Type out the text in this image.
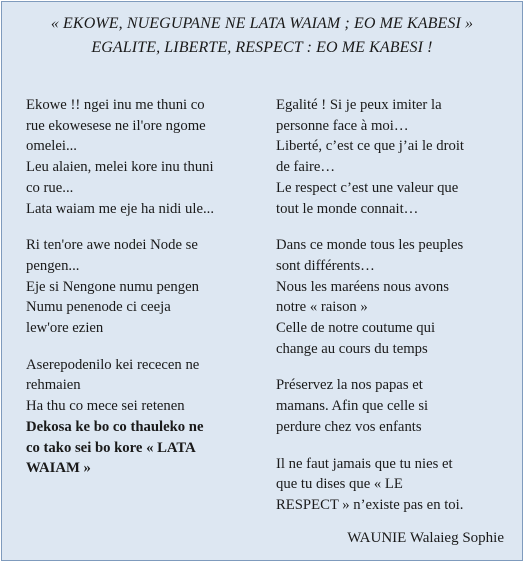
« EKOWE, NUEGUPANE NE LATA WAIAM ; EO ME KABESI »
EGALITE, LIBERTE, RESPECT : EO ME KABESI !
Ekowe !! ngei inu me thuni co
rue ekowesese ne il'ore ngome
omelei...
Leu alaien, melei kore inu thuni
co rue...
Lata waiam me eje ha nidi ule...
Ri ten'ore awe nodei Node se
pengen...
Eje si Nengone numu pengen
Numu penenode ci ceeja
lew'ore ezien
Aserepodenilo kei rececen ne
rehmaien
Ha thu co mece sei retenen
Dekosa ke bo co thauleko ne
co tako sei bo kore « LATA
WAIAM »
Egalité ! Si je peux imiter la
personne face à moi…
Liberté, c’est ce que j’ai le droit
de faire…
Le respect c’est une valeur que
tout le monde connait…
Dans ce monde tous les peuples
sont différents…
Nous les maréens nous avons
notre « raison »
Celle de notre coutume qui
change au cours du temps
Préservez la nos papas et
mamans. Afin que celle si
perdure chez vos enfants
Il ne faut jamais que tu nies et
que tu dises que « LE
RESPECT » n’existe pas en toi.
WAUNIE Walaieg Sophie
